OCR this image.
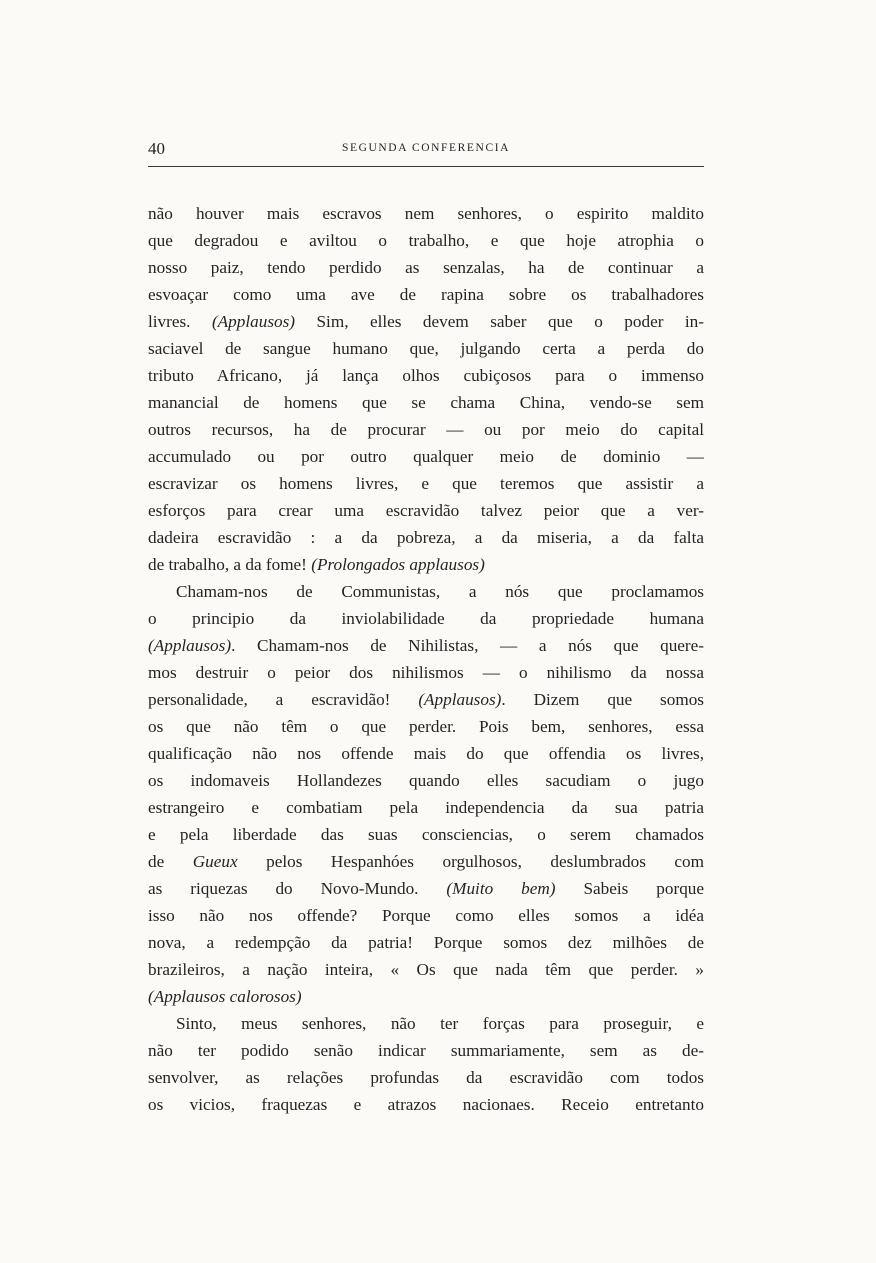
40	SEGUNDA CONFERENCIA
não houver mais escravos nem senhores, o espirito maldito
que degradou e aviltou o trabalho, e que hoje atrophia o
nosso paiz, tendo perdido as senzalas, ha de continuar a
esvoaçar como uma ave de rapina sobre os trabalhadores
livres. (Applausos) Sim, elles devem saber que o poder in-
saciavel de sangue humano que, julgando certa a perda do
tributo Africano, já lança olhos cubiçosos para o immenso
manancial de homens que se chama China, vendo-se sem
outros recursos, ha de procurar — ou por meio do capital
accumulado ou por outro qualquer meio de dominio —
escravizar os homens livres, e que teremos que assistir a
esforços para crear uma escravidão talvez peior que a ver-
dadeira escravidão : a da pobreza, a da miseria, a da falta
de trabalho, a da fome! (Prolongados applausos)
Chamam-nos de Communistas, a nós que proclamamos
o principio da inviolabilidade da propriedade humana
(Applausos). Chamam-nos de Nihilistas, — a nós que quere-
mos destruir o peior dos nihilismos — o nihilismo da nossa
personalidade, a escravidão! (Applausos). Dizem que somos
os que não têm o que perder. Pois bem, senhores, essa
qualificação não nos offende mais do que offendia os livres,
os indomaveis Hollandezes quando elles sacudiam o jugo
estrangeiro e combatiam pela independencia da sua patria
e pela liberdade das suas consciencias, o serem chamados
de Gueux pelos Hespanhóes orgulhosos, deslumbrados com
as riquezas do Novo-Mundo. (Muito bem) Sabeis porque
isso não nos offende? Porque como elles somos a idéa
nova, a redempção da patria! Porque somos dez milhões de
brazileiros, a nação inteira, « Os que nada têm que perder. »
(Applausos calorosos)
Sinto, meus senhores, não ter forças para proseguir, e
não ter podido senão indicar summariamente, sem as de-
senvolver, as relações profundas da escravidão com todos
os vicios, fraquezas e atrazos nacionaes. Receio entretanto
